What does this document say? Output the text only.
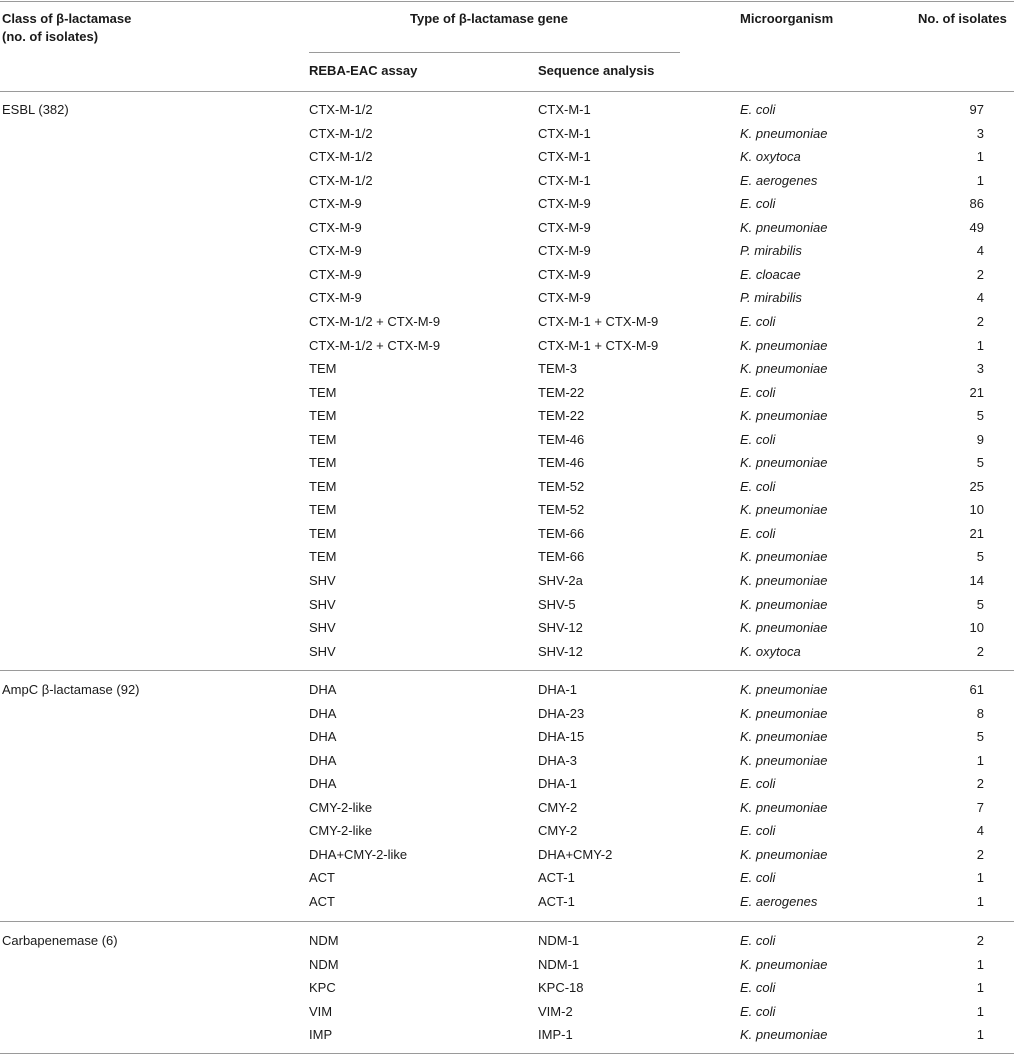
Class of β-lactamase
(no. of isolates)
Type of β-lactamase gene	Microorganism	No. of isolates
REBA-EAC assay	Sequence analysis
ESBL (382)	CTX-M-1/2	CTX-M-1	E. coli	97
CTX-M-1/2	CTX-M-1	K. pneumoniae	3
CTX-M-1/2	CTX-M-1	K. oxytoca	1
CTX-M-1/2	CTX-M-1	E. aerogenes	1
CTX-M-9	CTX-M-9	E. coli	86
CTX-M-9	CTX-M-9	K. pneumoniae	49
CTX-M-9	CTX-M-9	P. mirabilis	4
CTX-M-9	CTX-M-9	E. cloacae	2
CTX-M-9	CTX-M-9	P. mirabilis	4
CTX-M-1/2 + CTX-M-9	CTX-M-1 + CTX-M-9	E. coli	2
CTX-M-1/2 + CTX-M-9	CTX-M-1 + CTX-M-9	K. pneumoniae	1
TEM	TEM-3	K. pneumoniae	3
TEM	TEM-22	E. coli	21
TEM	TEM-22	K. pneumoniae	5
TEM	TEM-46	E. coli	9
TEM	TEM-46	K. pneumoniae	5
TEM	TEM-52	E. coli	25
TEM	TEM-52	K. pneumoniae	10
TEM	TEM-66	E. coli	21
TEM	TEM-66	K. pneumoniae	5
SHV	SHV-2a	K. pneumoniae	14
SHV	SHV-5	K. pneumoniae	5
SHV	SHV-12	K. pneumoniae	10
SHV	SHV-12	K. oxytoca	2
AmpC β-lactamase (92)	DHA	DHA-1	K. pneumoniae	61
DHA	DHA-23	K. pneumoniae	8
DHA	DHA-15	K. pneumoniae	5
DHA	DHA-3	K. pneumoniae	1
DHA	DHA-1	E. coli	2
CMY-2-like	CMY-2	K. pneumoniae	7
CMY-2-like	CMY-2	E. coli	4
DHA+CMY-2-like	DHA+CMY-2	K. pneumoniae	2
ACT	ACT-1	E. coli	1
ACT	ACT-1	E. aerogenes	1
Carbapenemase (6)	NDM	NDM-1	E. coli	2
NDM	NDM-1	K. pneumoniae	1
KPC	KPC-18	E. coli	1
VIM	VIM-2	E. coli	1
IMP	IMP-1	K. pneumoniae	1
